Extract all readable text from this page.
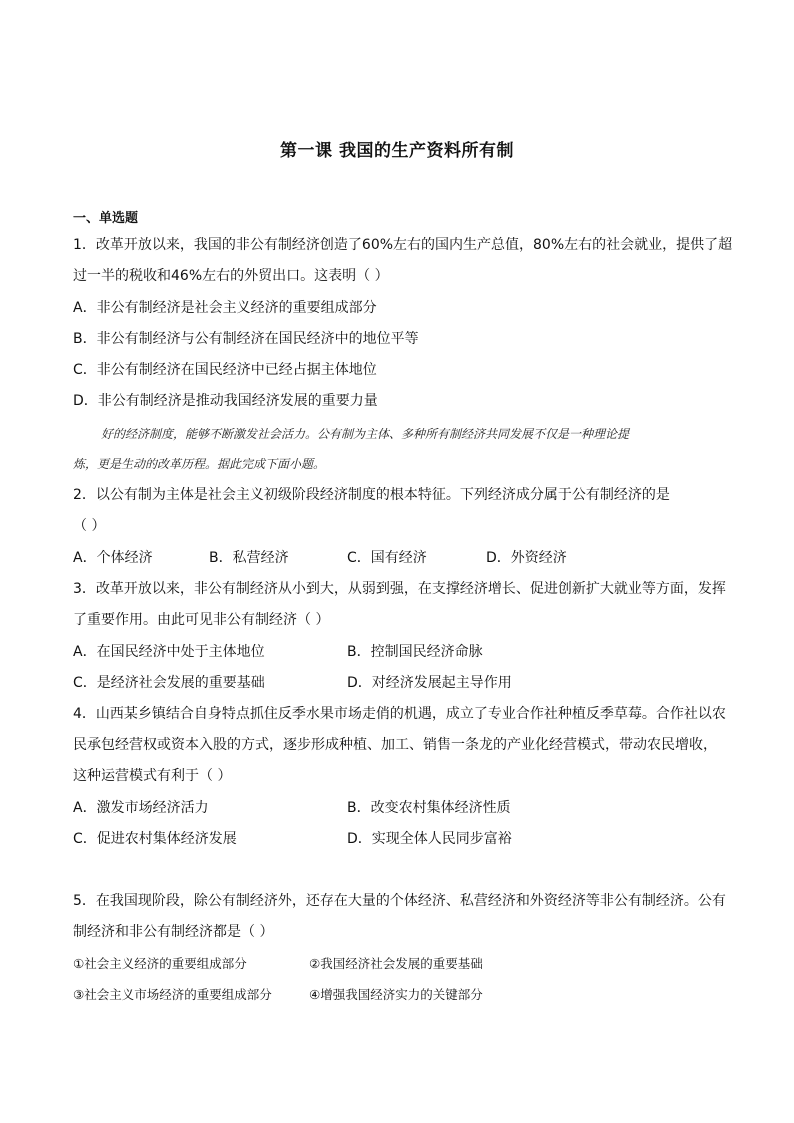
第一课 我国的生产资料所有制
一、单选题
1．改革开放以来，我国的非公有制经济创造了60%左右的国内生产总值，80%左右的社会就业，提供了超
过一半的税收和46%左右的外贸出口。这表明（ ）
A．非公有制经济是社会主义经济的重要组成部分
B．非公有制经济与公有制经济在国民经济中的地位平等
C．非公有制经济在国民经济中已经占据主体地位
D．非公有制经济是推动我国经济发展的重要力量
好的经济制度，能够不断激发社会活力。公有制为主体、多种所有制经济共同发展不仅是一种理论提
炼，更是生动的改革历程。据此完成下面小题。
2．以公有制为主体是社会主义初级阶段经济制度的根本特征。下列经济成分属于公有制经济的是
（ ）
A．个体经济	B．私营经济	C．国有经济	D．外资经济
3．改革开放以来，非公有制经济从小到大，从弱到强，在支撑经济增长、促进创新扩大就业等方面，发挥
了重要作用。由此可见非公有制经济（ ）
A．在国民经济中处于主体地位	B．控制国民经济命脉
C．是经济社会发展的重要基础	D．对经济发展起主导作用
4．山西某乡镇结合自身特点抓住反季水果市场走俏的机遇，成立了专业合作社种植反季草莓。合作社以农
民承包经营权或资本入股的方式，逐步形成种植、加工、销售一条龙的产业化经营模式，带动农民增收，
这种运营模式有利于（ ）
A．激发市场经济活力	B．改变农村集体经济性质
C．促进农村集体经济发展	D．实现全体人民同步富裕
5．在我国现阶段，除公有制经济外，还存在大量的个体经济、私营经济和外资经济等非公有制经济。公有
制经济和非公有制经济都是（ ）
①社会主义经济的重要组成部分	②我国经济社会发展的重要基础
③社会主义市场经济的重要组成部分	④增强我国经济实力的关键部分
